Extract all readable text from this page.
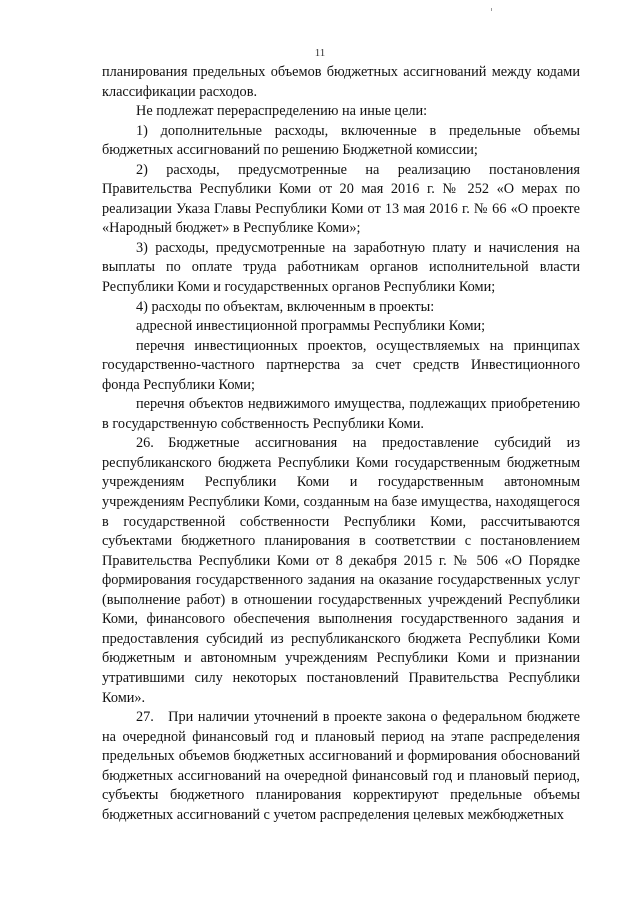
11

планирования предельных объемов бюджетных ассигнований между кодами классификации расходов.

Не подлежат перераспределению на иные цели:

1) дополнительные расходы, включенные в предельные объемы бюджетных ассигнований по решению Бюджетной комиссии;

2) расходы, предусмотренные на реализацию постановления Правительства Республики Коми от 20 мая 2016 г. № 252 «О мерах по реализации Указа Главы Республики Коми от 13 мая 2016 г. № 66 «О проекте «Народный бюджет» в Республике Коми»;

3) расходы, предусмотренные на заработную плату и начисления на выплаты по оплате труда работникам органов исполнительной власти Республики Коми и государственных органов Республики Коми;

4) расходы по объектам, включенным в проекты:

адресной инвестиционной программы Республики Коми;

перечня инвестиционных проектов, осуществляемых на принципах государственно-частного партнерства за счет средств Инвестиционного фонда Республики Коми;

перечня объектов недвижимого имущества, подлежащих приобретению в государственную собственность Республики Коми.

26. Бюджетные ассигнования на предоставление субсидий из республиканского бюджета Республики Коми государственным бюджетным учреждениям Республики Коми и государственным автономным учреждениям Республики Коми, созданным на базе имущества, находящегося в государственной собственности Республики Коми, рассчитываются субъектами бюджетного планирования в соответствии с постановлением Правительства Республики Коми от 8 декабря 2015 г. № 506 «О Порядке формирования государственного задания на оказание государственных услуг (выполнение работ) в отношении государственных учреждений Республики Коми, финансового обеспечения выполнения государственного задания и предоставления субсидий из республиканского бюджета Республики Коми бюджетным и автономным учреждениям Республики Коми и признании утратившими силу некоторых постановлений Правительства Республики Коми».

27. При наличии уточнений в проекте закона о федеральном бюджете на очередной финансовый год и плановый период на этапе распределения предельных объемов бюджетных ассигнований и формирования обоснований бюджетных ассигнований на очередной финансовый год и плановый период, субъекты бюджетного планирования корректируют предельные объемы бюджетных ассигнований с учетом распределения целевых межбюджетных
